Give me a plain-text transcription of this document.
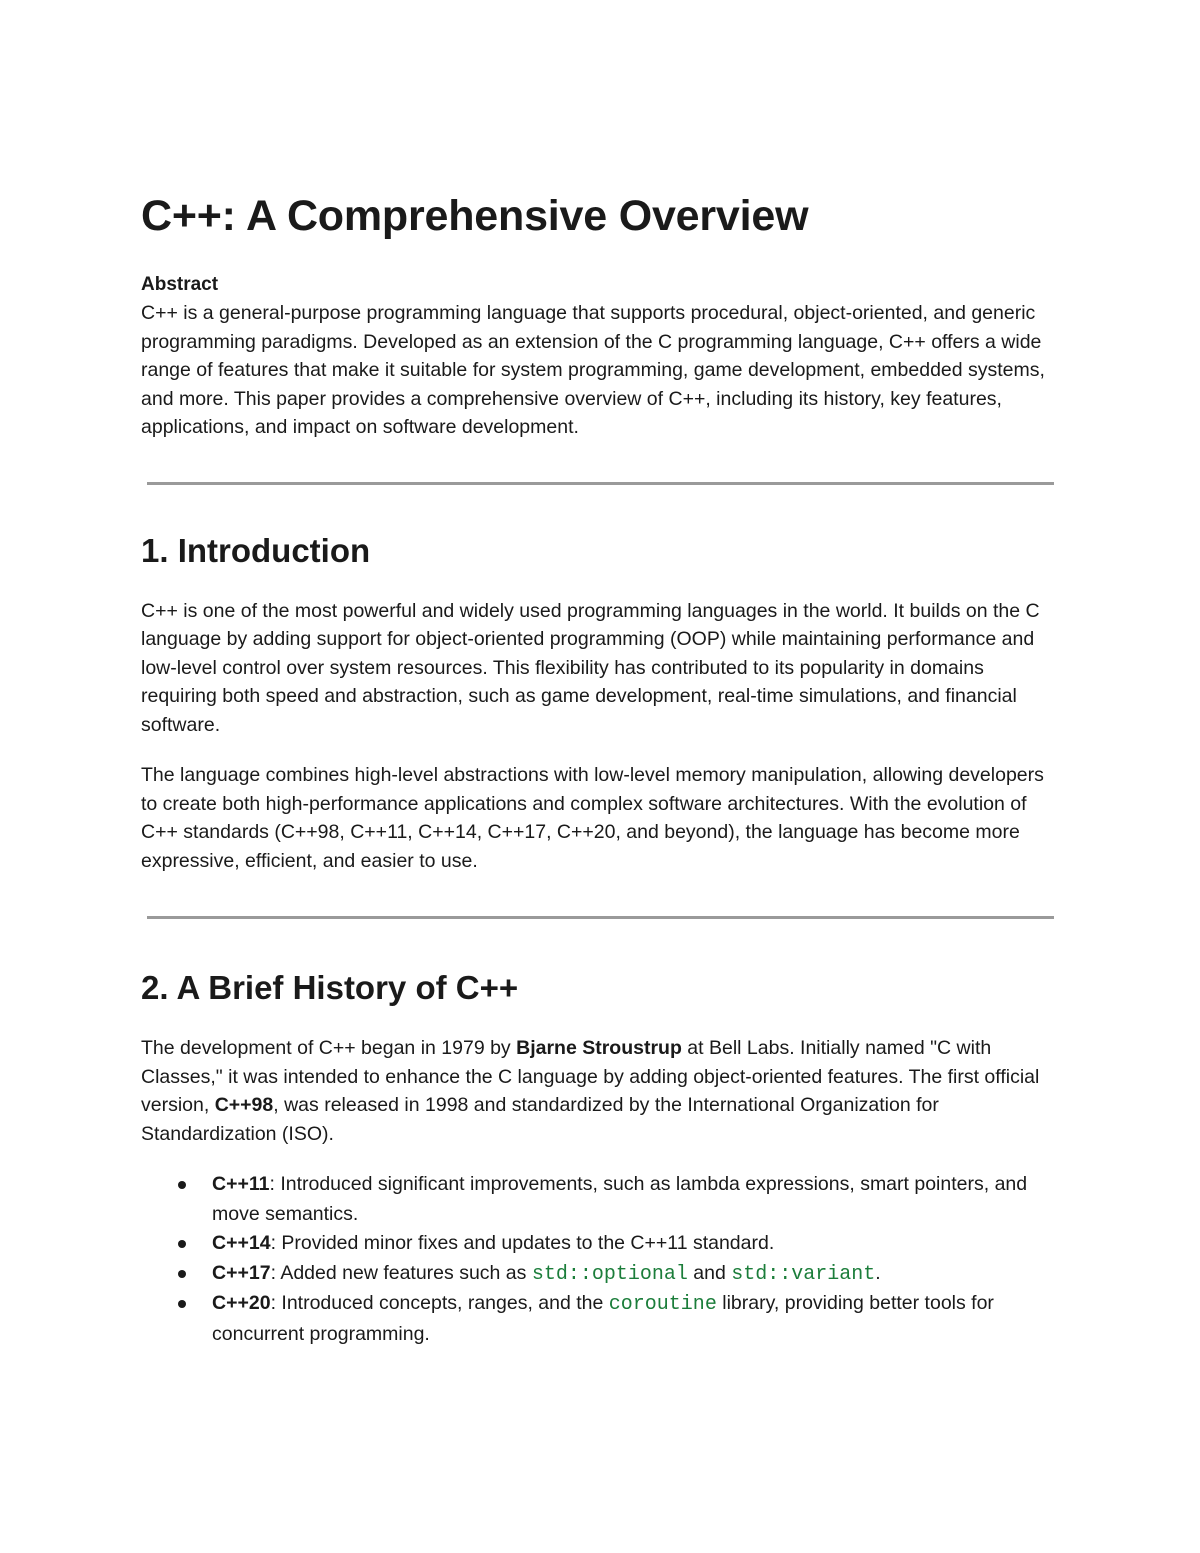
C++: A Comprehensive Overview
Abstract

C++ is a general-purpose programming language that supports procedural, object-oriented, and generic programming paradigms. Developed as an extension of the C programming language, C++ offers a wide range of features that make it suitable for system programming, game development, embedded systems, and more. This paper provides a comprehensive overview of C++, including its history, key features, applications, and impact on software development.

1. Introduction

C++ is one of the most powerful and widely used programming languages in the world. It builds on the C language by adding support for object-oriented programming (OOP) while maintaining performance and low-level control over system resources. This flexibility has contributed to its popularity in domains requiring both speed and abstraction, such as game development, real-time simulations, and financial software.

The language combines high-level abstractions with low-level memory manipulation, allowing developers to create both high-performance applications and complex software architectures. With the evolution of C++ standards (C++98, C++11, C++14, C++17, C++20, and beyond), the language has become more expressive, efficient, and easier to use.

2. A Brief History of C++

The development of C++ began in 1979 by Bjarne Stroustrup at Bell Labs. Initially named "C with Classes," it was intended to enhance the C language by adding object-oriented features. The first official version, C++98, was released in 1998 and standardized by the International Organization for Standardization (ISO).

C++11: Introduced significant improvements, such as lambda expressions, smart pointers, and move semantics.
C++14: Provided minor fixes and updates to the C++11 standard.
C++17: Added new features such as std::optional and std::variant.
C++20: Introduced concepts, ranges, and the coroutine library, providing better tools for concurrent programming.
